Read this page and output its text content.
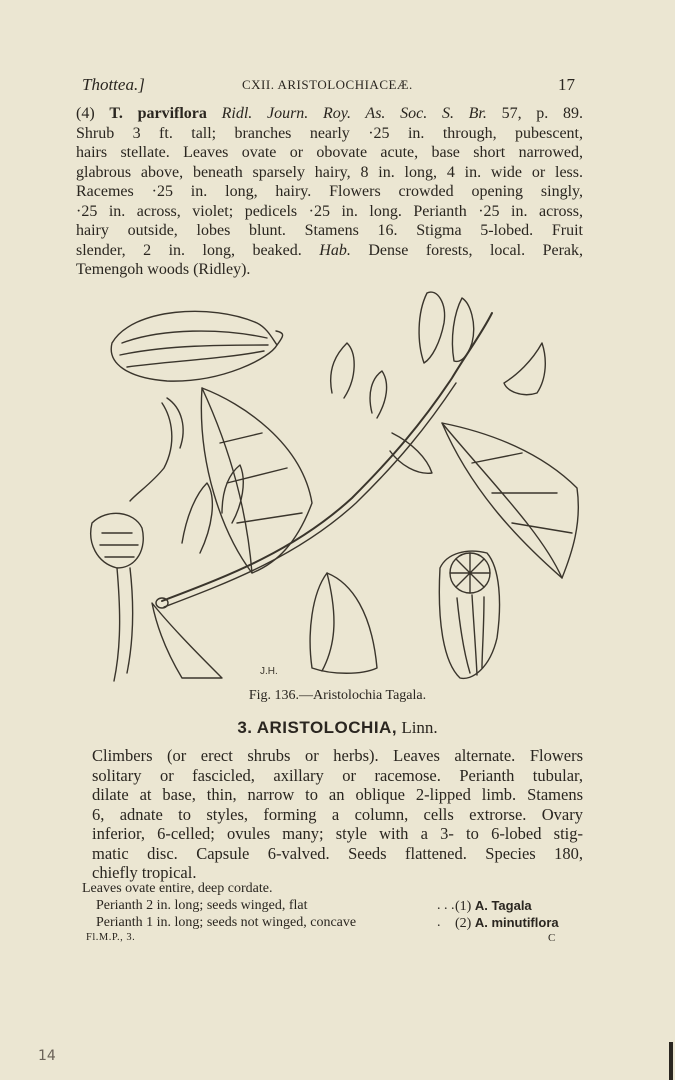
Thottea.]	CXII. ARISTOLOCHIACEÆ.	17
(4) T. parviflora Ridl. Journ. Roy. As. Soc. S. Br. 57, p. 89.
Shrub 3 ft. tall; branches nearly ·25 in. through, pubescent,
hairs stellate. Leaves ovate or obovate acute, base short narrowed,
glabrous above, beneath sparsely hairy, 8 in. long, 4 in. wide or less.
Racemes ·25 in. long, hairy. Flowers crowded opening singly,
·25 in. across, violet; pedicels ·25 in. long. Perianth ·25 in. across,
hairy outside, lobes blunt. Stamens 16. Stigma 5-lobed. Fruit
slender, 2 in. long, beaked. Hab. Dense forests, local. Perak,
Temengoh woods (Ridley).
J.H.
Fig. 136.—Aristolochia Tagala.
3. ARISTOLOCHIA, Linn.
Climbers (or erect shrubs or herbs). Leaves alternate. Flowers
solitary or fascicled, axillary or racemose. Perianth tubular,
dilate at base, thin, narrow to an oblique 2-lipped limb. Stamens
6, adnate to styles, forming a column, cells extrorse. Ovary
inferior, 6-celled; ovules many; style with a 3- to 6-lobed stig-
matic disc. Capsule 6-valved. Seeds flattened. Species 180,
chiefly tropical.
Leaves ovate entire, deep cordate.
Perianth 2 in. long; seeds winged, flat	. . . (1) A. Tagala
Perianth 1 in. long; seeds not winged, concave	. (2) A. minutiflora
Fl.M.P., 3.	C
14
